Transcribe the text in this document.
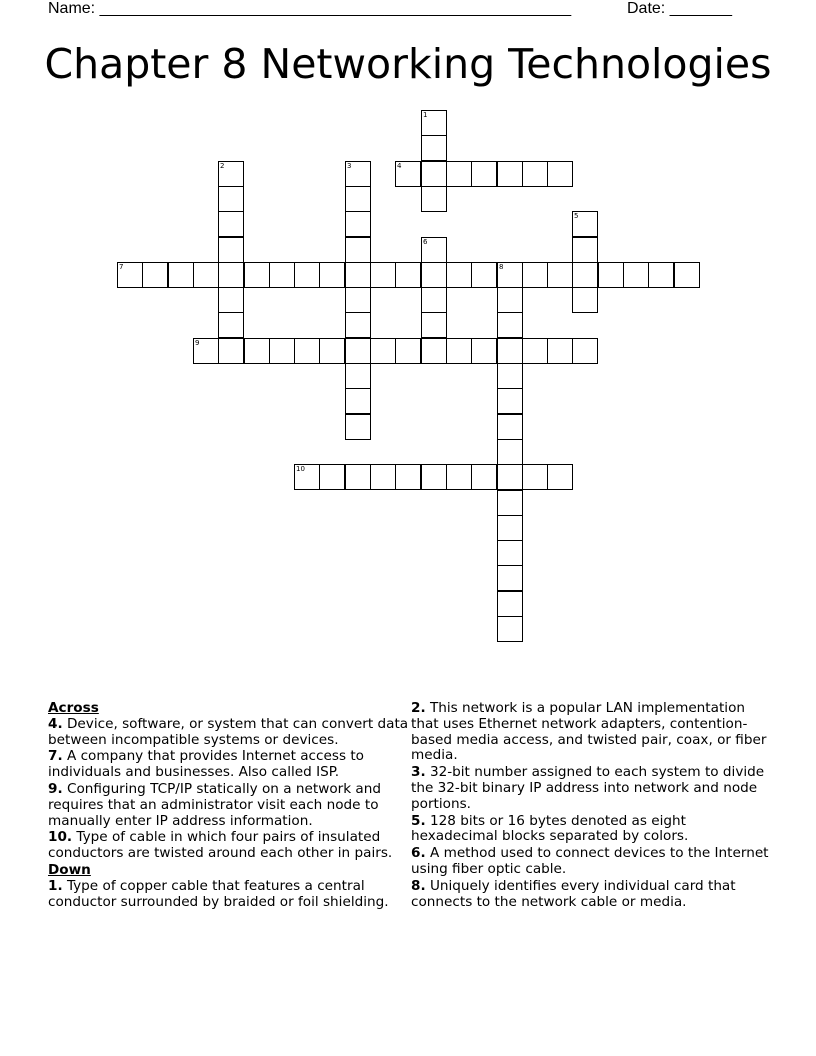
Name: _____________________________________________________	Date: _______
Chapter 8 Networking Technologies
1
2	3	4
5
6
7	8
9
10
Across
4. Device, software, or system that can convert data between incompatible systems or devices.
7. A company that provides Internet access to individuals and businesses. Also called ISP.
9. Configuring TCP/IP statically on a network and requires that an administrator visit each node to manually enter IP address information.
10. Type of cable in which four pairs of insulated conductors are twisted around each other in pairs.
Down
1. Type of copper cable that features a central conductor surrounded by braided or foil shielding.
2. This network is a popular LAN implementation that uses Ethernet network adapters, contention-based media access, and twisted pair, coax, or fiber media.
3. 32-bit number assigned to each system to divide the 32-bit binary IP address into network and node portions.
5. 128 bits or 16 bytes denoted as eight hexadecimal blocks separated by colors.
6. A method used to connect devices to the Internet using fiber optic cable.
8. Uniquely identifies every individual card that connects to the network cable or media.
